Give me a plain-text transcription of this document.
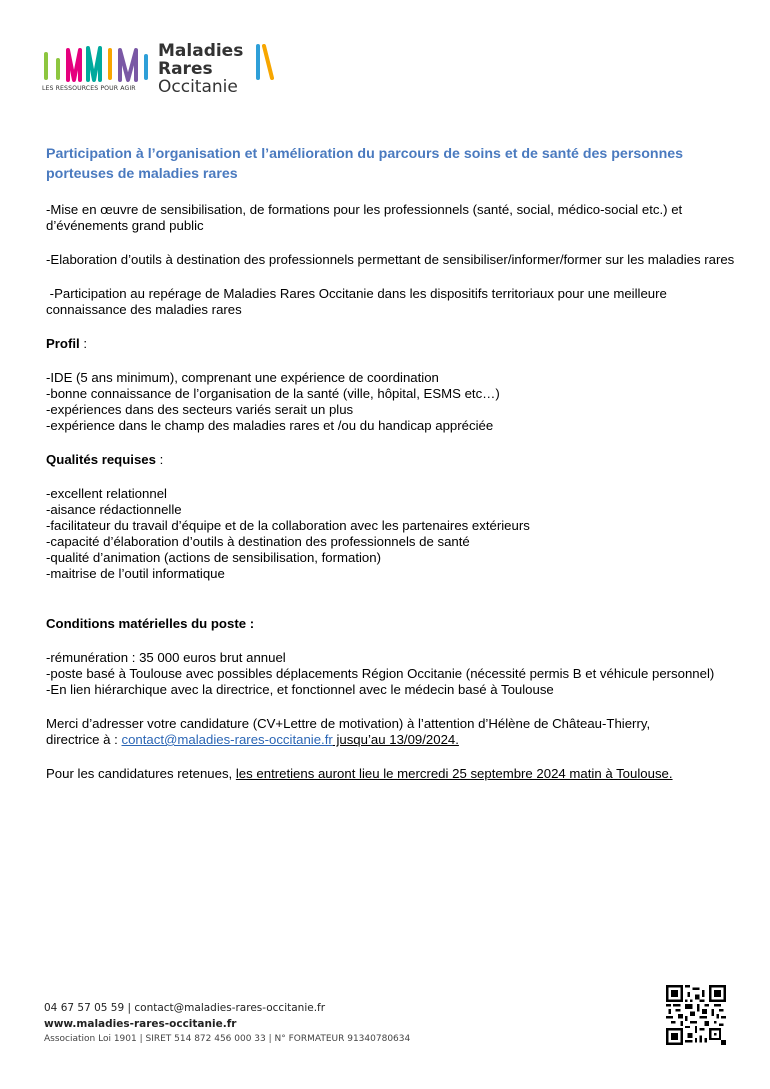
Maladies
Rares
Occitanie
LES RESSOURCES POUR AGIR
Participation à l’organisation et l’amélioration du parcours de soins et de santé des personnes porteuses de maladies rares

-Mise en œuvre de sensibilisation, de formations pour les professionnels (santé, social, médico-social etc.) et d’événements grand public

-Elaboration d’outils à destination des professionnels permettant de sensibiliser/informer/former sur les maladies rares

-Participation au repérage de Maladies Rares Occitanie dans les dispositifs territoriaux pour une meilleure connaissance des maladies rares

Profil :

-IDE (5 ans minimum), comprenant une expérience de coordination
-bonne connaissance de l’organisation de la santé (ville, hôpital, ESMS etc…)
-expériences dans des secteurs variés serait un plus
-expérience dans le champ des maladies rares et /ou du handicap appréciée

Qualités requises :

-excellent relationnel
-aisance rédactionnelle
-facilitateur du travail d’équipe et de la collaboration avec les partenaires extérieurs
-capacité d’élaboration d’outils à destination des professionnels de santé
-qualité d’animation (actions de sensibilisation, formation)
-maitrise de l’outil informatique

Conditions matérielles du poste :

-rémunération : 35 000 euros brut annuel
-poste basé à Toulouse avec possibles déplacements Région Occitanie (nécessité permis B et véhicule personnel)
-En lien hiérarchique avec la directrice, et fonctionnel avec le médecin basé à Toulouse

Merci d’adresser votre candidature (CV+Lettre de motivation) à l’attention d’Hélène de Château-Thierry,
directrice à : contact@maladies-rares-occitanie.fr jusqu’au 13/09/2024.

Pour les candidatures retenues, les entretiens auront lieu le mercredi 25 septembre 2024 matin à Toulouse.

04 67 57 05 59 | contact@maladies-rares-occitanie.fr
www.maladies-rares-occitanie.fr
Association Loi 1901 | SIRET 514 872 456 000 33 | N° FORMATEUR 91340780634
